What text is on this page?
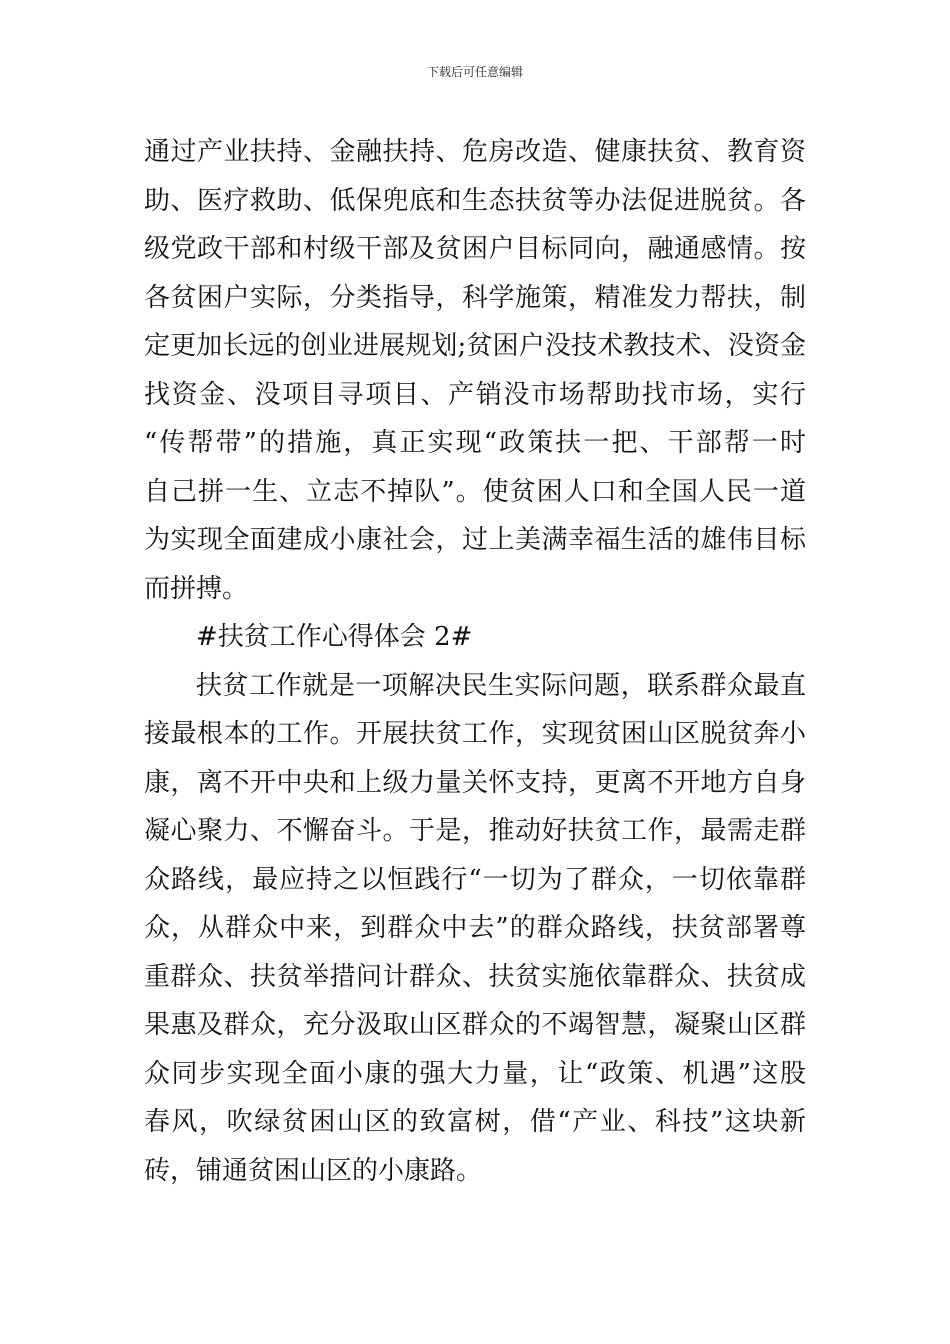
下载后可任意编辑
通过产业扶持、金融扶持、危房改造、健康扶贫、教育资
助、医疗救助、低保兜底和生态扶贫等办法促进脱贫。各
级党政干部和村级干部及贫困户目标同向，融通感情。按
各贫困户实际，分类指导，科学施策，精准发力帮扶，制
定更加长远的创业进展规划;贫困户没技术教技术、没资金
找资金、没项目寻项目、产销没市场帮助找市场，实行
“传帮带”的措施，真正实现“政策扶一把、干部帮一时
自己拼一生、立志不掉队”。使贫困人口和全国人民一道
为实现全面建成小康社会，过上美满幸福生活的雄伟目标
而拼搏。
#扶贫工作心得体会 2#
扶贫工作就是一项解决民生实际问题，联系群众最直
接最根本的工作。开展扶贫工作，实现贫困山区脱贫奔小
康，离不开中央和上级力量关怀支持，更离不开地方自身
凝心聚力、不懈奋斗。于是，推动好扶贫工作，最需走群
众路线，最应持之以恒践行“一切为了群众，一切依靠群
众，从群众中来，到群众中去”的群众路线，扶贫部署尊
重群众、扶贫举措问计群众、扶贫实施依靠群众、扶贫成
果惠及群众，充分汲取山区群众的不竭智慧，凝聚山区群
众同步实现全面小康的强大力量，让“政策、机遇”这股
春风，吹绿贫困山区的致富树，借“产业、科技”这块新
砖，铺通贫困山区的小康路。
